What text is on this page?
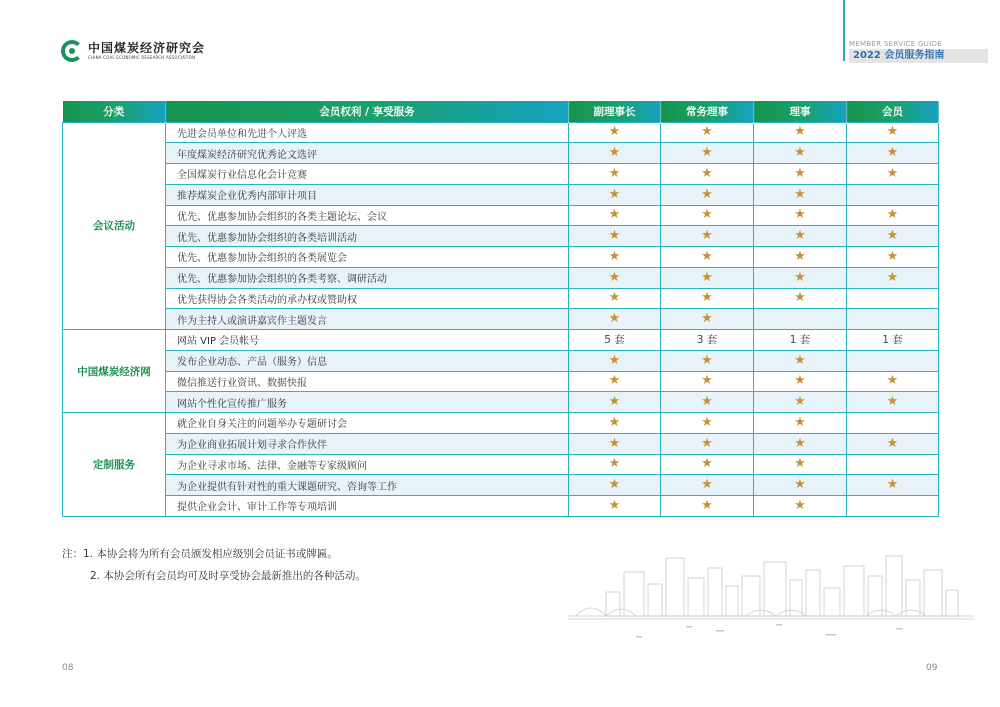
中国煤炭经济研究会
CHINA COAL ECONOMIC RESEARCH ASSOCIATION
MEMBER SERVICE GUIDE
2022 会员服务指南
分类	会员权利 / 享受服务	副理事长	常务理事	理事	会员
会议活动	先进会员单位和先进个人评选	★	★	★	★
	年度煤炭经济研究优秀论文选评	★	★	★	★
	全国煤炭行业信息化会计竞赛	★	★	★	★
	推荐煤炭企业优秀内部审计项目	★	★	★	
	优先、优惠参加协会组织的各类主题论坛、会议	★	★	★	★
	优先、优惠参加协会组织的各类培训活动	★	★	★	★
	优先、优惠参加协会组织的各类展览会	★	★	★	★
	优先、优惠参加协会组织的各类考察、调研活动	★	★	★	★
	优先获得协会各类活动的承办权或赞助权	★	★	★	
	作为主持人或演讲嘉宾作主题发言	★	★		
中国煤炭经济网	网站 VIP 会员帐号	5 套	3 套	1 套	1 套
	发布企业动态、产品（服务）信息	★	★	★	
	微信推送行业资讯、数据快报	★	★	★	★
	网站个性化宣传推广服务	★	★	★	★
定制服务	就企业自身关注的问题举办专题研讨会	★	★	★	
	为企业商业拓展计划寻求合作伙伴	★	★	★	★
	为企业寻求市场、法律、金融等专家级顾问	★	★	★	
	为企业提供有针对性的重大课题研究、咨询等工作	★	★	★	★
	提供企业会计、审计工作等专项培训	★	★	★	
注：1. 本协会将为所有会员颁发相应级别会员证书或牌匾。
2. 本协会所有会员均可及时享受协会最新推出的各种活动。
08	09
